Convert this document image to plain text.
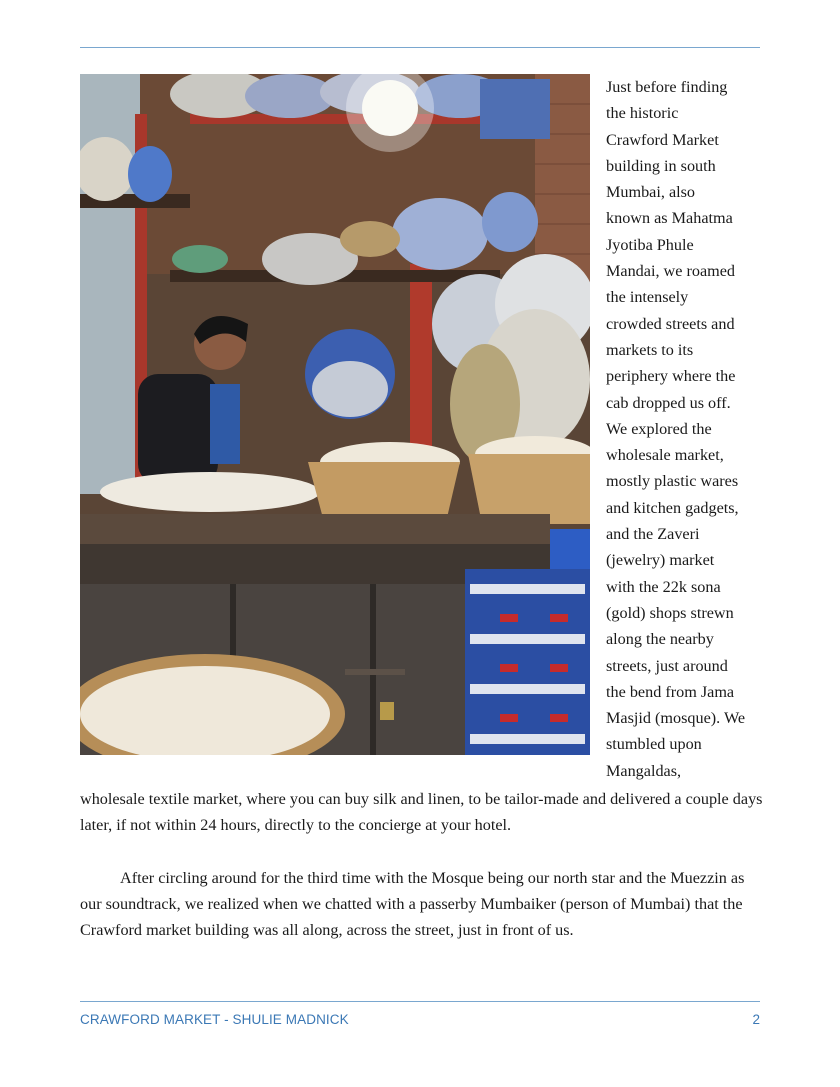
Just before finding
the historic
Crawford Market
building in south
Mumbai, also
known as Mahatma
Jyotiba Phule
Mandai, we roamed
the intensely
crowded streets and
markets to its
periphery where the
cab dropped us off.
We explored the
wholesale market,
mostly plastic wares
and kitchen gadgets,
and the Zaveri
(jewelry) market
with the 22k sona
(gold) shops strewn
along the nearby
streets, just around
the bend from Jama
Masjid (mosque). We
stumbled upon
Mangaldas,

wholesale textile market, where you can buy silk and linen, to be tailor-made and delivered a couple days later, if not within 24 hours, directly to the concierge at your hotel.

After circling around for the third time with the Mosque being our north star and the Muezzin as our soundtrack, we realized when we chatted with a passerby Mumbaiker (person of Mumbai) that the Crawford market building was all along, across the street, just in front of us.

CRAWFORD MARKET - SHULIE MADNICK	2
